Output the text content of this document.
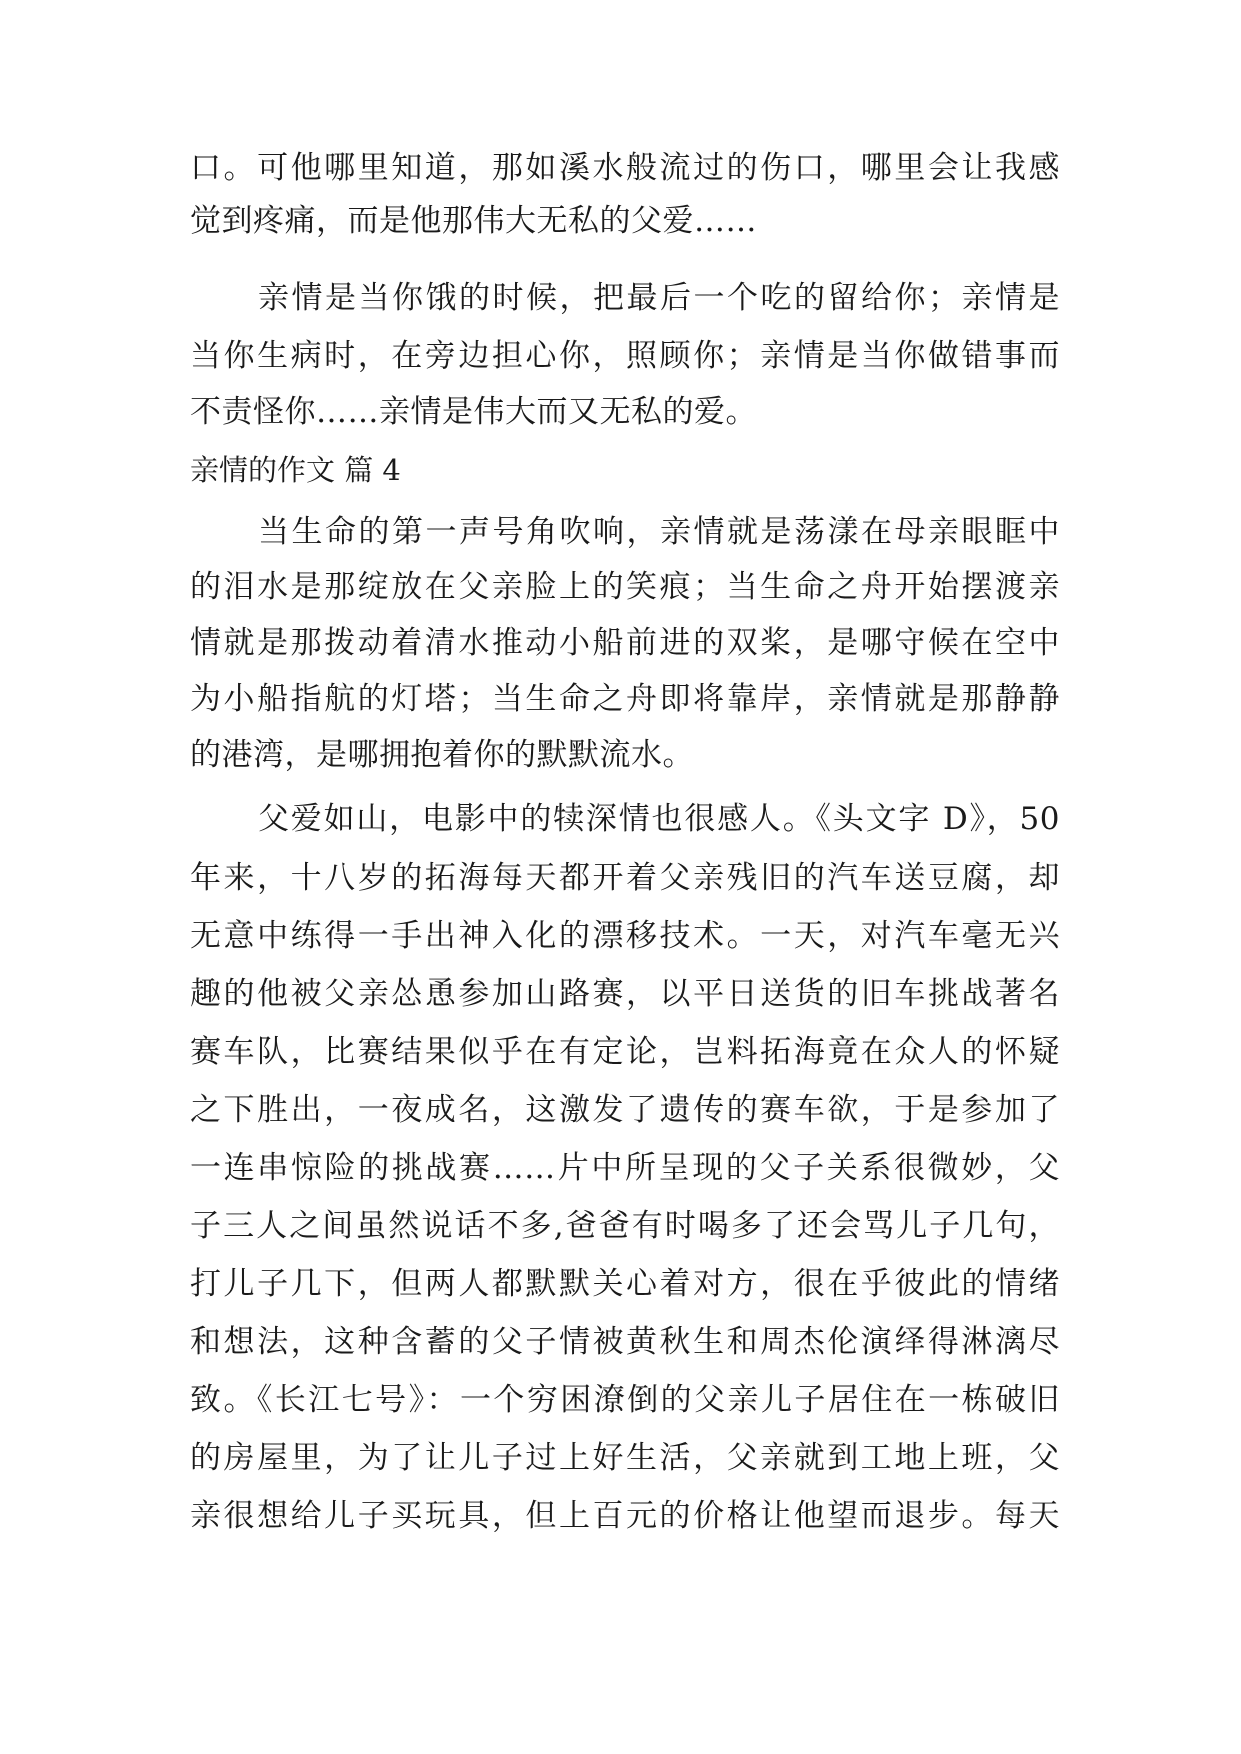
口。可他哪里知道，那如溪水般流过的伤口，哪里会让我感
觉到疼痛，而是他那伟大无私的父爱……
亲情是当你饿的时候，把最后一个吃的留给你；亲情是
当你生病时，在旁边担心你，照顾你；亲情是当你做错事而
不责怪你……亲情是伟大而又无私的爱。
亲情的作文 篇 4
当生命的第一声号角吹响，亲情就是荡漾在母亲眼眶中
的泪水是那绽放在父亲脸上的笑痕；当生命之舟开始摆渡亲
情就是那拨动着清水推动小船前进的双桨，是哪守候在空中
为小船指航的灯塔；当生命之舟即将靠岸，亲情就是那静静
的港湾，是哪拥抱着你的默默流水。
父爱如山，电影中的犊深情也很感人。《头文字 D》，50
年来，十八岁的拓海每天都开着父亲残旧的汽车送豆腐，却
无意中练得一手出神入化的漂移技术。一天，对汽车毫无兴
趣的他被父亲怂恿参加山路赛，以平日送货的旧车挑战著名
赛车队，比赛结果似乎在有定论，岂料拓海竟在众人的怀疑
之下胜出，一夜成名，这激发了遗传的赛车欲，于是参加了
一连串惊险的挑战赛……片中所呈现的父子关系很微妙，父
子三人之间虽然说话不多,爸爸有时喝多了还会骂儿子几句，
打儿子几下，但两人都默默关心着对方，很在乎彼此的情绪
和想法，这种含蓄的父子情被黄秋生和周杰伦演绎得淋漓尽
致。《长江七号》：一个穷困潦倒的父亲儿子居住在一栋破旧
的房屋里，为了让儿子过上好生活，父亲就到工地上班，父
亲很想给儿子买玩具，但上百元的价格让他望而退步。每天
